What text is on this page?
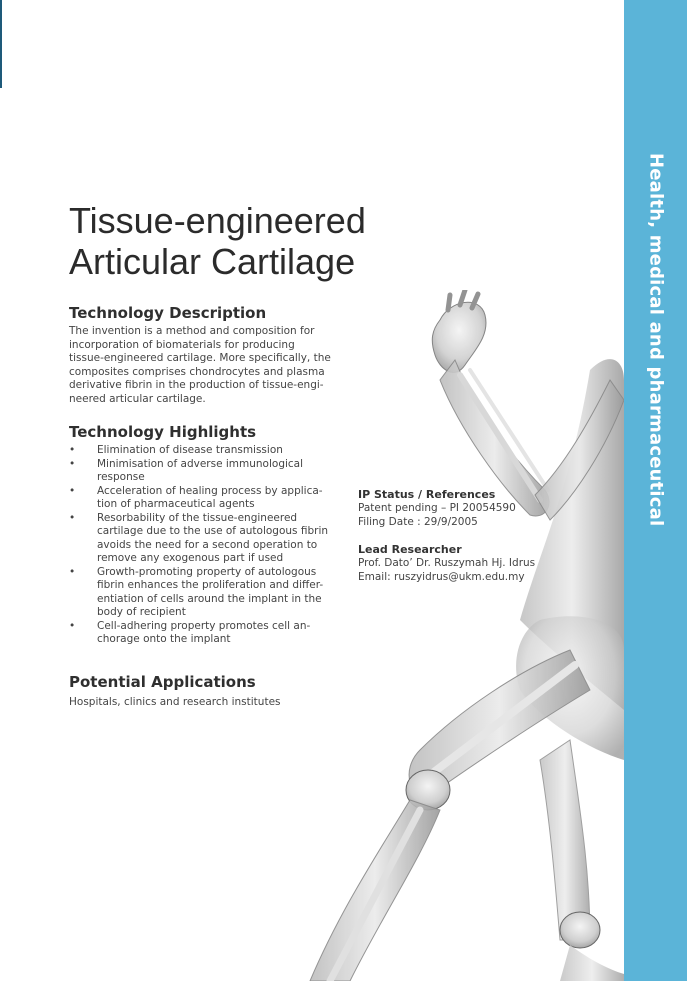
Tissue-engineered
Articular Cartilage
Technology Description

The invention is a method and composition for
incorporation of biomaterials for producing
tissue-engineered cartilage. More specifically, the
composites comprises chondrocytes and plasma
derivative fibrin in the production of tissue-engi-
neered articular cartilage.

Technology Highlights
• Elimination of disease transmission
• Minimisation of adverse immunological
response
• Acceleration of healing process by applica-
tion of pharmaceutical agents
• Resorbability of the tissue-engineered
cartilage due to the use of autologous fibrin
avoids the need for a second operation to
remove any exogenous part if used
• Growth-promoting property of autologous
fibrin enhances the proliferation and differ-
entiation of cells around the implant in the
body of recipient
• Cell-adhering property promotes cell an-
chorage onto the implant
Potential Applications

Hospitals, clinics and research institutes

IP Status / References

Patent pending – PI 20054590

Filing Date : 29/9/2005

Lead Researcher

Prof. Dato’ Dr. Ruszymah Hj. Idrus

Email: ruszyidrus@ukm.edu.my

Health, medical and pharmaceutical
